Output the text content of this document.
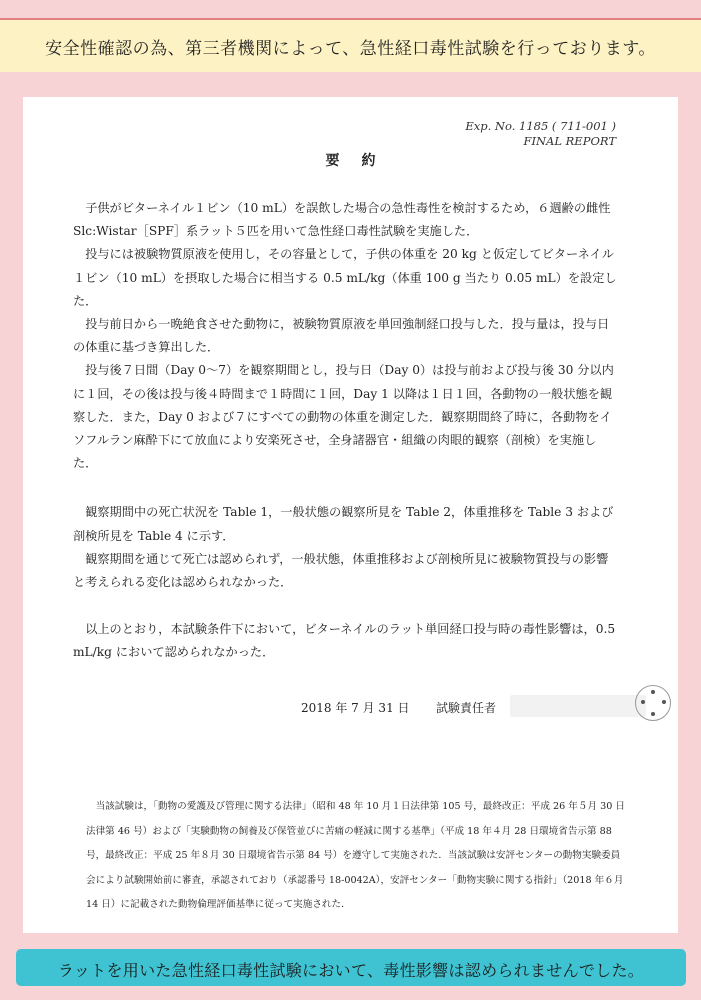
安全性確認の為、第三者機関によって、急性経口毒性試験を行っております。
Exp. No. 1185 ( 711-001 )
FINAL REPORT
要約

子供がビターネイル１ビン（10 mL）を誤飲した場合の急性毒性を検討するため，６週齢の雌性Slc:Wistar［SPF］系ラット５匹を用いて急性経口毒性試験を実施した．

投与には被験物質原液を使用し，その容量として，子供の体重を 20 kg と仮定してビターネイル１ビン（10 mL）を摂取した場合に相当する 0.5 mL/kg（体重 100 g 当たり 0.05 mL）を設定した．

投与前日から一晩絶食させた動物に，被験物質原液を単回強制経口投与した．投与量は，投与日の体重に基づき算出した．

投与後７日間（Day 0〜7）を観察期間とし，投与日（Day 0）は投与前および投与後 30 分以内に１回，その後は投与後４時間まで１時間に１回，Day 1 以降は１日１回，各動物の一般状態を観察した．また，Day 0 および７にすべての動物の体重を測定した．観察期間終了時に，各動物をイソフルラン麻酔下にて放血により安楽死させ，全身諸器官・組織の肉眼的観察（剖検）を実施した．

観察期間中の死亡状況を Table 1，一般状態の観察所見を Table 2，体重推移を Table 3 および剖検所見を Table 4 に示す．

観察期間を通じて死亡は認められず，一般状態，体重推移および剖検所見に被験物質投与の影響と考えられる変化は認められなかった．

以上のとおり，本試験条件下において，ビターネイルのラット単回経口投与時の毒性影響は，0.5 mL/kg において認められなかった．

2018 年 7 月 31 日 試験責任者

当該試験は，「動物の愛護及び管理に関する法律」（昭和 48 年 10 月１日法律第 105 号，最終改正：平成 26 年５月 30 日法律第 46 号）および「実験動物の飼養及び保管並びに苦痛の軽減に関する基準」（平成 18 年４月 28 日環境省告示第 88 号，最終改正：平成 25 年８月 30 日環境省告示第 84 号）を遵守して実施された．当該試験は安評センターの動物実験委員会により試験開始前に審査，承認されており（承認番号 18-0042A），安評センター「動物実験に関する指針」（2018 年６月 14 日）に記載された動物倫理評価基準に従って実施された．

ラットを用いた急性経口毒性試験において、毒性影響は認められませんでした。
